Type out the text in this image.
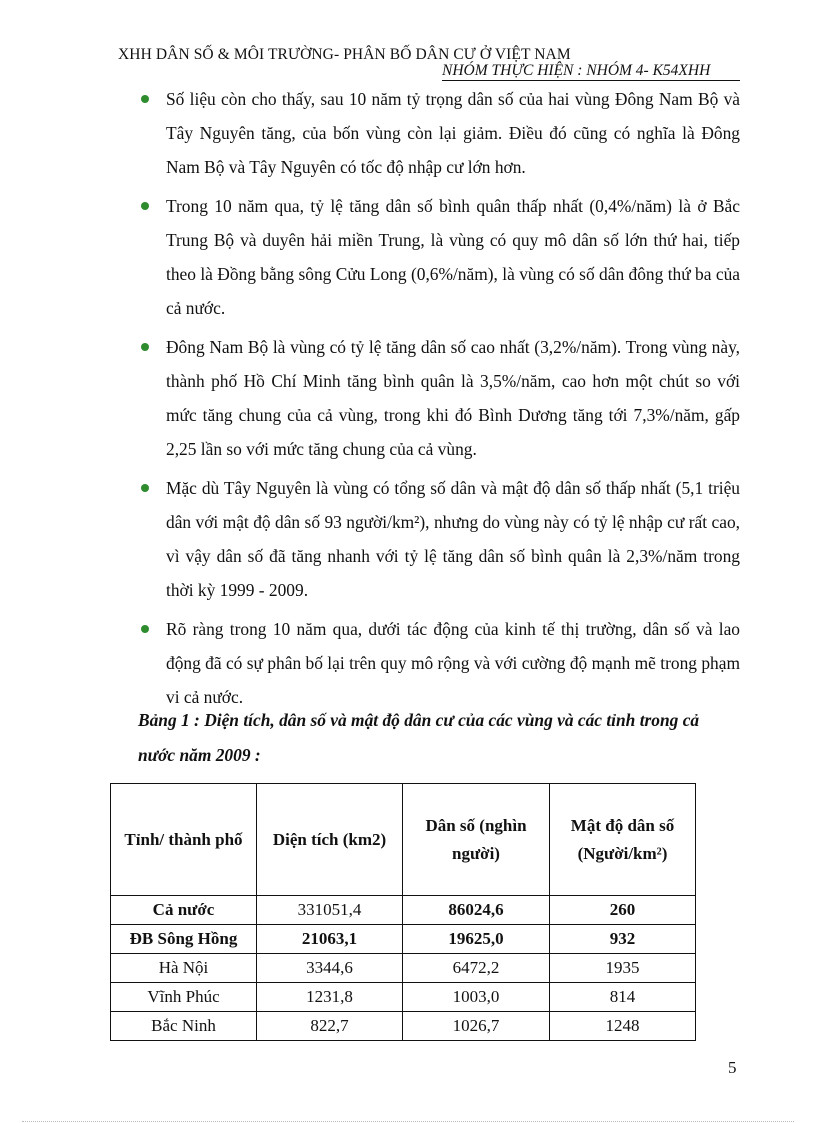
XHH DÂN SỐ & MÔI TRƯỜNG- PHÂN BỐ DÂN CƯ Ở VIỆT NAM
NHÓM THỰC HIỆN : NHÓM 4- K54XHH
Số liệu còn cho thấy, sau 10 năm tỷ trọng dân số của hai vùng Đông Nam Bộ và Tây Nguyên tăng, của bốn vùng còn lại giảm. Điều đó cũng có nghĩa là Đông Nam Bộ và Tây Nguyên có tốc độ nhập cư lớn hơn.
Trong 10 năm qua, tỷ lệ tăng dân số bình quân thấp nhất (0,4%/năm) là ở Bắc Trung Bộ và duyên hải miền Trung, là vùng có quy mô dân số lớn thứ hai, tiếp theo là Đồng bằng sông Cửu Long (0,6%/năm), là vùng có số dân đông thứ ba của cả nước.
Đông Nam Bộ là vùng có tỷ lệ tăng dân số cao nhất (3,2%/năm). Trong vùng này, thành phố Hồ Chí Minh tăng bình quân là 3,5%/năm, cao hơn một chút so với mức tăng chung của cả vùng, trong khi đó Bình Dương tăng tới 7,3%/năm, gấp 2,25 lần so với mức tăng chung của cả vùng.
Mặc dù Tây Nguyên là vùng có tổng số dân và mật độ dân số thấp nhất (5,1 triệu dân với mật độ dân số 93 người/km²), nhưng do vùng này có tỷ lệ nhập cư rất cao, vì vậy dân số đã tăng nhanh với tỷ lệ tăng dân số bình quân là 2,3%/năm trong thời kỳ 1999 - 2009.
Rõ ràng trong 10 năm qua, dưới tác động của kinh tế thị trường, dân số và lao động đã có sự phân bố lại trên quy mô rộng và với cường độ mạnh mẽ trong phạm vi cả nước.
Bảng 1 : Diện tích, dân số và mật độ dân cư của các vùng và các tỉnh trong cả nước năm 2009 :
Tỉnh/ thành phố	Diện tích (km2)	Dân số (nghìn người)	Mật độ dân số (Người/km²)
Cả nước	331051,4	86024,6	260
ĐB Sông Hồng	21063,1	19625,0	932
Hà Nội	3344,6	6472,2	1935
Vĩnh Phúc	1231,8	1003,0	814
Bắc Ninh	822,7	1026,7	1248
5
